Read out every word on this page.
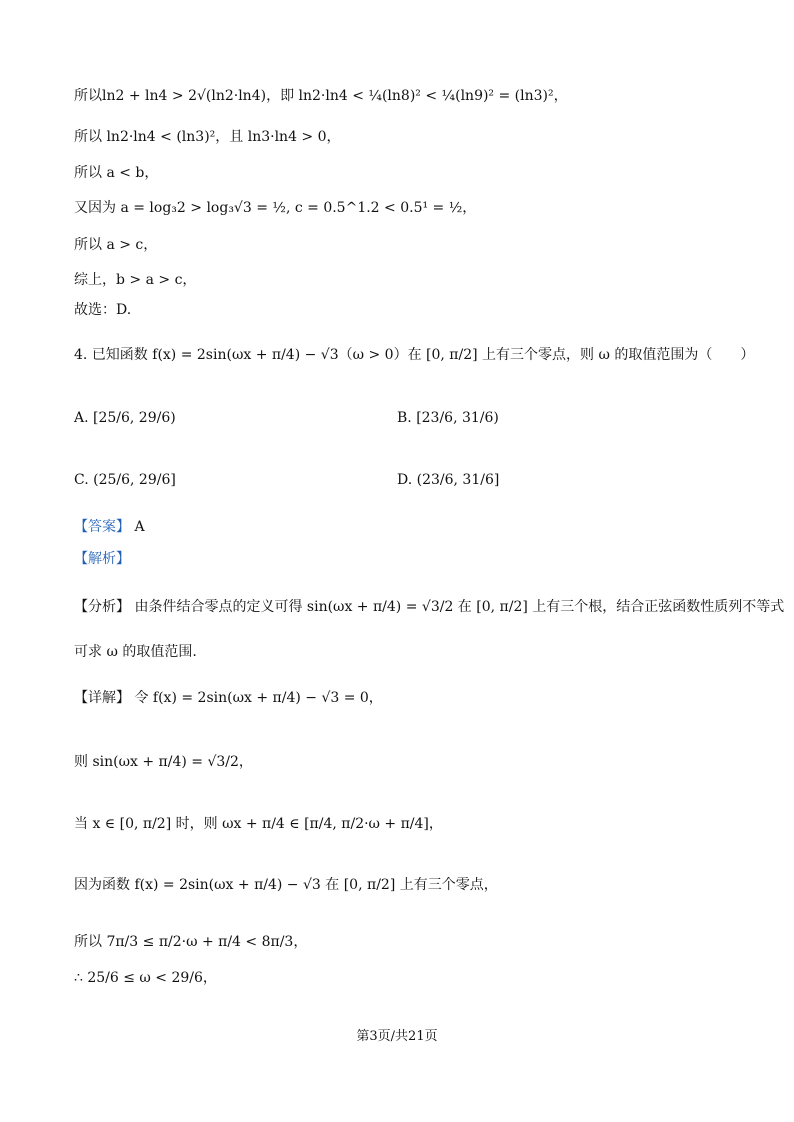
所以ln2 + ln4 > 2√(ln2·ln4)，即 ln2·ln4 < ¼(ln8)² < ¼(ln9)² = (ln3)²，
所以 ln2·ln4 < (ln3)²，且 ln3·ln4 > 0，
所以 a < b，
又因为 a = log₃2 > log₃√3 = ½, c = 0.5^1.2 < 0.5¹ = ½，
所以 a > c，
综上，b > a > c，
故选：D.
4. 已知函数 f(x) = 2sin(ωx + π/4) − √3（ω > 0）在 [0, π/2] 上有三个零点，则 ω 的取值范围为（　　）
A. [25/6, 29/6)	B. [23/6, 31/6)
C. (25/6, 29/6]	D. (23/6, 31/6]
【答案】 A
【解析】
【分析】 由条件结合零点的定义可得 sin(ωx + π/4) = √3/2 在 [0, π/2] 上有三个根，结合正弦函数性质列不等式
可求 ω 的取值范围.
【详解】 令 f(x) = 2sin(ωx + π/4) − √3 = 0，
则 sin(ωx + π/4) = √3/2，
当 x ∈ [0, π/2] 时，则 ωx + π/4 ∈ [π/4, π/2·ω + π/4]，
因为函数 f(x) = 2sin(ωx + π/4) − √3 在 [0, π/2] 上有三个零点，
所以 7π/3 ≤ π/2·ω + π/4 < 8π/3，
∴ 25/6 ≤ ω < 29/6，
第3页/共21页
